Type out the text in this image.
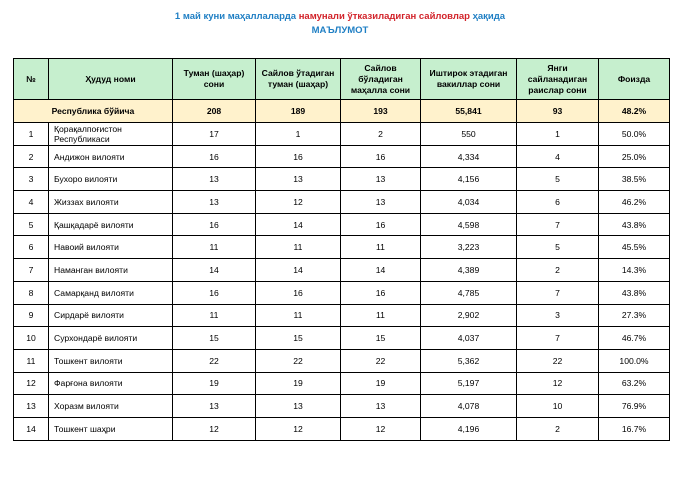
1 май куни маҳаллаларда намунали ўтказиладиган сайловлар ҳақида
МАЪЛУМОТ
№	Ҳудуд номи	Туман (шаҳар) сони	Сайлов ўтадиган туман (шаҳар)	Сайлов бўладиган маҳалла сони	Иштирок этадиган вакиллар сони	Янги сайланадиган раислар сони	Фоизда
Республика бўйича		208	189	193	55,841	93	48.2%
1	Қорақалпоғистон Республикаси	17	1	2	550	1	50.0%
2	Андижон вилояти	16	16	16	4,334	4	25.0%
3	Бухоро вилояти	13	13	13	4,156	5	38.5%
4	Жиззах вилояти	13	12	13	4,034	6	46.2%
5	Қашқадарё вилояти	16	14	16	4,598	7	43.8%
6	Навоий вилояти	11	11	11	3,223	5	45.5%
7	Наманган вилояти	14	14	14	4,389	2	14.3%
8	Самарқанд вилояти	16	16	16	4,785	7	43.8%
9	Сирдарё вилояти	11	11	11	2,902	3	27.3%
10	Сурхондарё вилояти	15	15	15	4,037	7	46.7%
11	Тошкент вилояти	22	22	22	5,362	22	100.0%
12	Фарғона вилояти	19	19	19	5,197	12	63.2%
13	Хоразм вилояти	13	13	13	4,078	10	76.9%
14	Тошкент шаҳри	12	12	12	4,196	2	16.7%
